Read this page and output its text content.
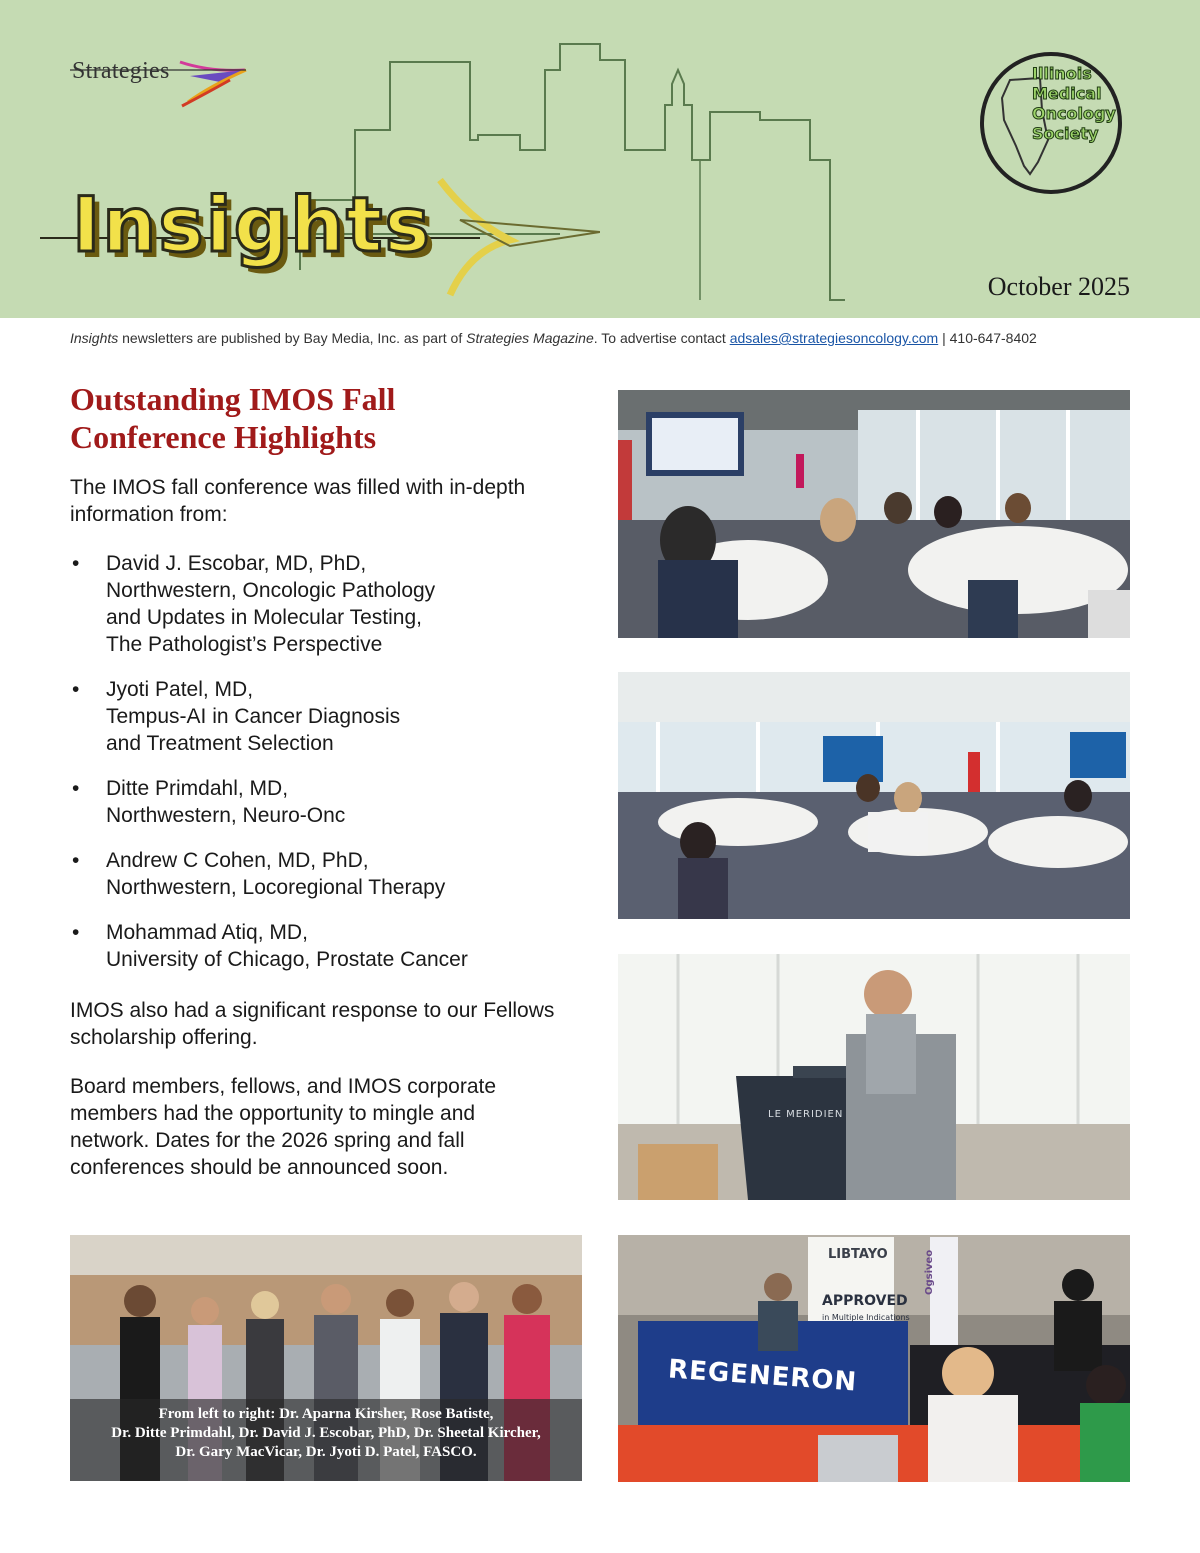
Strategies
Insights
Illinois
Medical
Oncology
Society
October 2025
Insights newsletters are published by Bay Media, Inc. as part of Strategies Magazine. To advertise contact adsales@strategiesoncology.com | 410-647-8402
Outstanding IMOS Fall
Conference Highlights

The IMOS fall conference was filled with in-depth
information from:

• David J. Escobar, MD, PhD,
Northwestern, Oncologic Pathology
and Updates in Molecular Testing,
The Pathologist’s Perspective
• Jyoti Patel, MD,
Tempus-AI in Cancer Diagnosis
and Treatment Selection
• Ditte Primdahl, MD,
Northwestern, Neuro-Onc
• Andrew C Cohen, MD, PhD,
Northwestern, Locoregional Therapy
• Mohammad Atiq, MD,
University of Chicago, Prostate Cancer

IMOS also had a significant response to our Fellows
scholarship offering.

Board members, fellows, and IMOS corporate
members had the opportunity to mingle and
network. Dates for the 2026 spring and fall
conferences should be announced soon.

LE MERIDIEN
From left to right: Dr. Aparna Kirsher, Rose Batiste,
Dr. Ditte Primdahl, Dr. David J. Escobar, PhD, Dr. Sheetal Kircher,
Dr. Gary MacVicar, Dr. Jyoti D. Patel, FASCO.
REGENERON
LIBTAYO
APPROVED
in Multiple Indications
Ogsiveo
